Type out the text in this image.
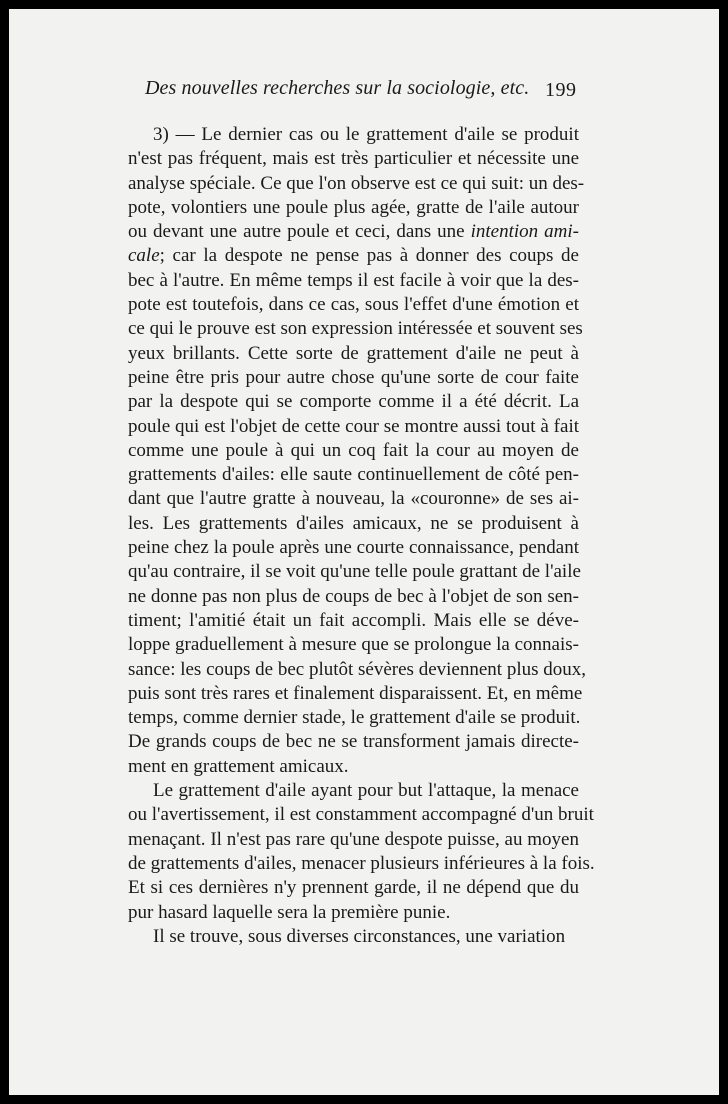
Des nouvelles recherches sur la sociologie, etc. 199
3) — Le dernier cas ou le grattement d'aile se produit
n'est pas fréquent, mais est très particulier et nécessite une
analyse spéciale. Ce que l'on observe est ce qui suit: un des-
pote, volontiers une poule plus agée, gratte de l'aile autour
ou devant une autre poule et ceci, dans une intention ami-
cale; car la despote ne pense pas à donner des coups de
bec à l'autre. En même temps il est facile à voir que la des-
pote est toutefois, dans ce cas, sous l'effet d'une émotion et
ce qui le prouve est son expression intéressée et souvent ses
yeux brillants. Cette sorte de grattement d'aile ne peut à
peine être pris pour autre chose qu'une sorte de cour faite
par la despote qui se comporte comme il a été décrit. La
poule qui est l'objet de cette cour se montre aussi tout à fait
comme une poule à qui un coq fait la cour au moyen de
grattements d'ailes: elle saute continuellement de côté pen-
dant que l'autre gratte à nouveau, la «couronne» de ses ai-
les. Les grattements d'ailes amicaux, ne se produisent à
peine chez la poule après une courte connaissance, pendant
qu'au contraire, il se voit qu'une telle poule grattant de l'aile
ne donne pas non plus de coups de bec à l'objet de son sen-
timent; l'amitié était un fait accompli. Mais elle se déve-
loppe graduellement à mesure que se prolongue la connais-
sance: les coups de bec plutôt sévères deviennent plus doux,
puis sont très rares et finalement disparaissent. Et, en même
temps, comme dernier stade, le grattement d'aile se produit.
De grands coups de bec ne se transforment jamais directe-
ment en grattement amicaux.
Le grattement d'aile ayant pour but l'attaque, la menace
ou l'avertissement, il est constamment accompagné d'un bruit
menaçant. Il n'est pas rare qu'une despote puisse, au moyen
de grattements d'ailes, menacer plusieurs inférieures à la fois.
Et si ces dernières n'y prennent garde, il ne dépend que du
pur hasard laquelle sera la première punie.
Il se trouve, sous diverses circonstances, une variation
